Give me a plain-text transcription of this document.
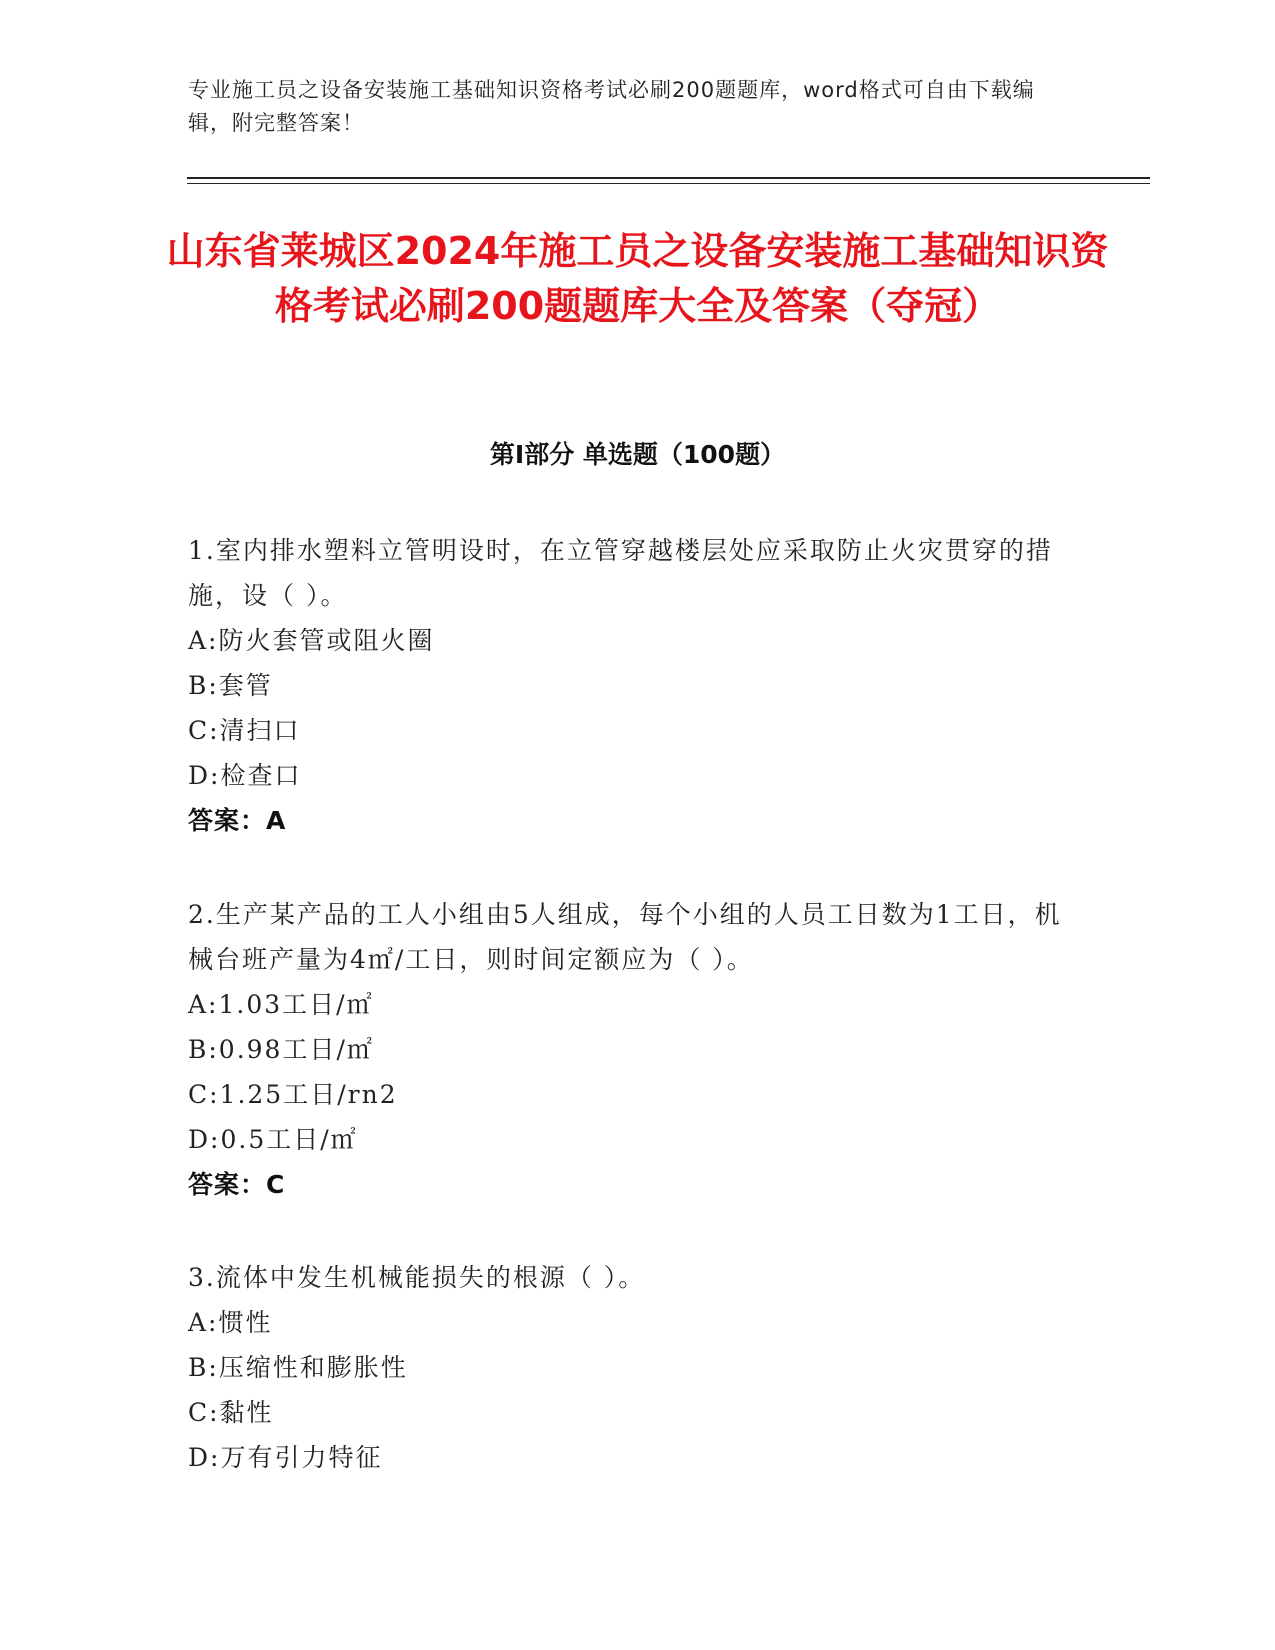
专业施工员之设备安装施工基础知识资格考试必刷200题题库，word格式可自由下载编辑，附完整答案！
山东省莱城区2024年施工员之设备安装施工基础知识资格考试必刷200题题库大全及答案（夺冠）
第I部分 单选题（100题）
1.室内排水塑料立管明设时，在立管穿越楼层处应采取防止火灾贯穿的措施，设（ ）。
A:防火套管或阻火圈
B:套管
C:清扫口
D:检查口
答案：A
2.生产某产品的工人小组由5人组成，每个小组的人员工日数为1工日，机械台班产量为4㎡/工日，则时间定额应为（ ）。
A:1.03工日/㎡
B:0.98工日/㎡
C:1.25工日/rn2
D:0.5工日/㎡
答案：C
3.流体中发生机械能损失的根源（ ）。
A:惯性
B:压缩性和膨胀性
C:黏性
D:万有引力特征
